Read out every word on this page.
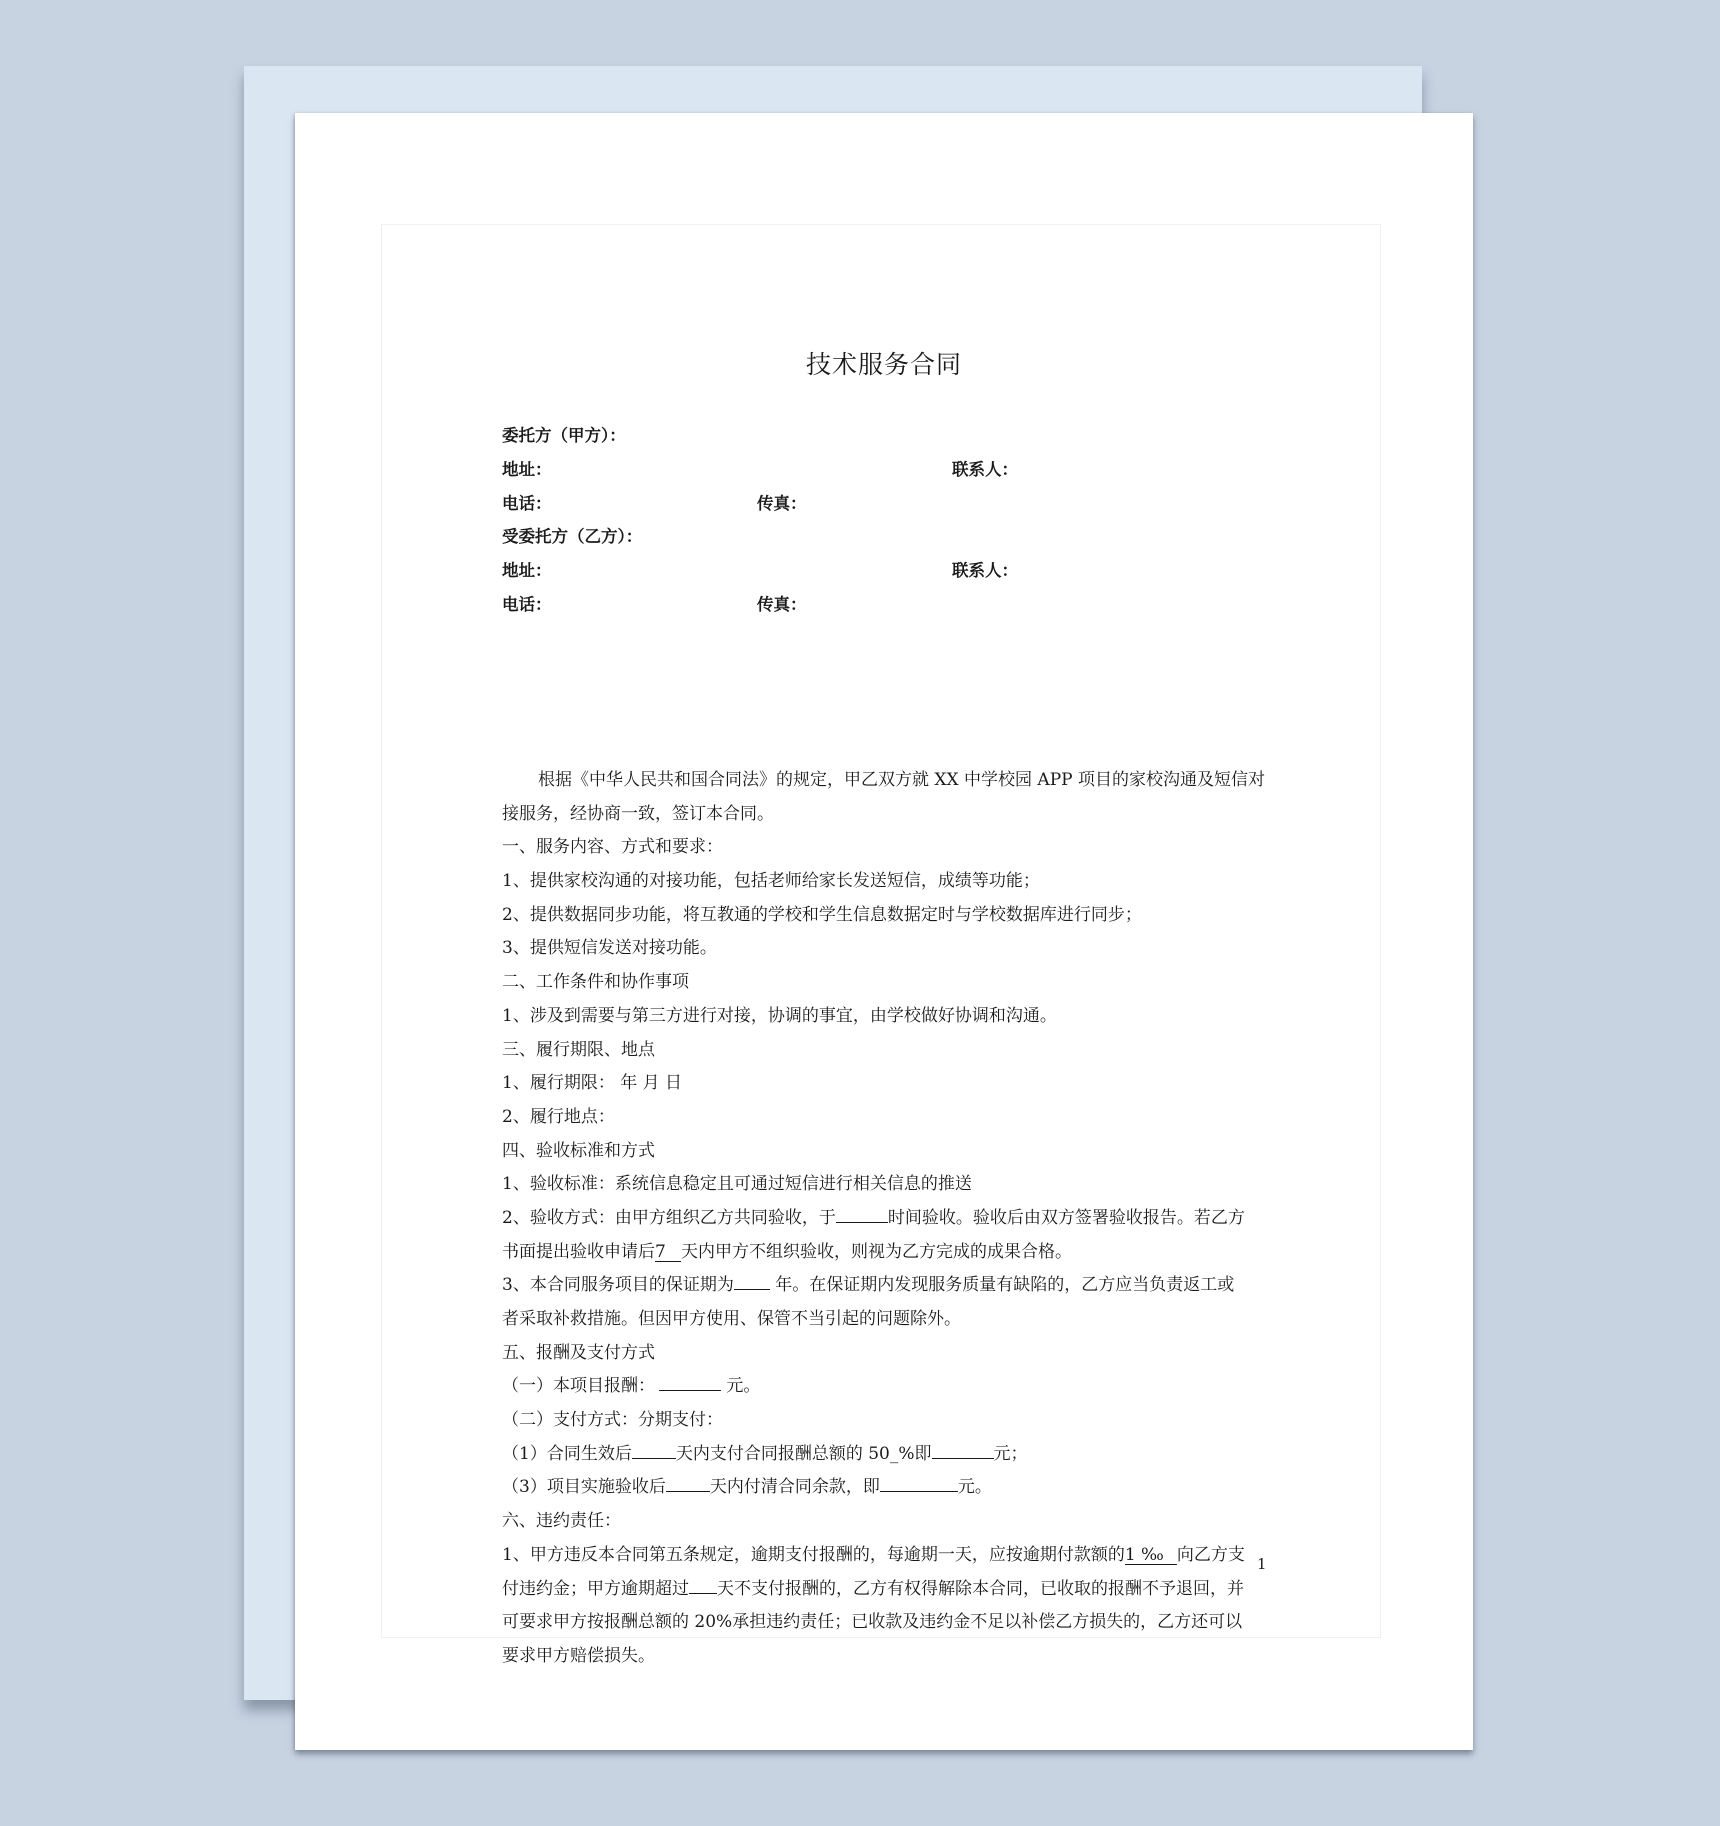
技术服务合同
委托方（甲方）：
地址：	联系人：
电话：	传真：
受委托方（乙方）：
地址：	联系人：
电话：	传真：
根据《中华人民共和国合同法》的规定，甲乙双方就 XX 中学校园 APP 项目的家校沟通及短信对
接服务，经协商一致，签订本合同。
一、服务内容、方式和要求：
1、提供家校沟通的对接功能，包括老师给家长发送短信，成绩等功能；
2、提供数据同步功能，将互教通的学校和学生信息数据定时与学校数据库进行同步；
3、提供短信发送对接功能。
二、工作条件和协作事项
1、涉及到需要与第三方进行对接，协调的事宜，由学校做好协调和沟通。
三、履行期限、地点
1、履行期限： 年 月 日
2、履行地点：
四、验收标准和方式
1、验收标准：系统信息稳定且可通过短信进行相关信息的推送
2、验收方式：由甲方组织乙方共同验收，于	时间验收。验收后由双方签署验收报告。若乙方
书面提出验收申请后7 天内甲方不组织验收，则视为乙方完成的成果合格。
3、本合同服务项目的保证期为 年。在保证期内发现服务质量有缺陷的，乙方应当负责返工或
者采取补救措施。但因甲方使用、保管不当引起的问题除外。
五、报酬及支付方式
（一）本项目报酬：	元。
（二）支付方式：分期支付：
（1）合同生效后	天内支付合同报酬总额的 50_%即	元；
（3）项目实施验收后	天内付清合同余款，即	元。
六、违约责任：
1、甲方违反本合同第五条规定，逾期支付报酬的，每逾期一天，应按逾期付款额的1 ‰ 向乙方支
付违约金；甲方逾期超过 天不支付报酬的，乙方有权得解除本合同，已收取的报酬不予退回，并
可要求甲方按报酬总额的 20%承担违约责任；已收款及违约金不足以补偿乙方损失的，乙方还可以
要求甲方赔偿损失。
1
